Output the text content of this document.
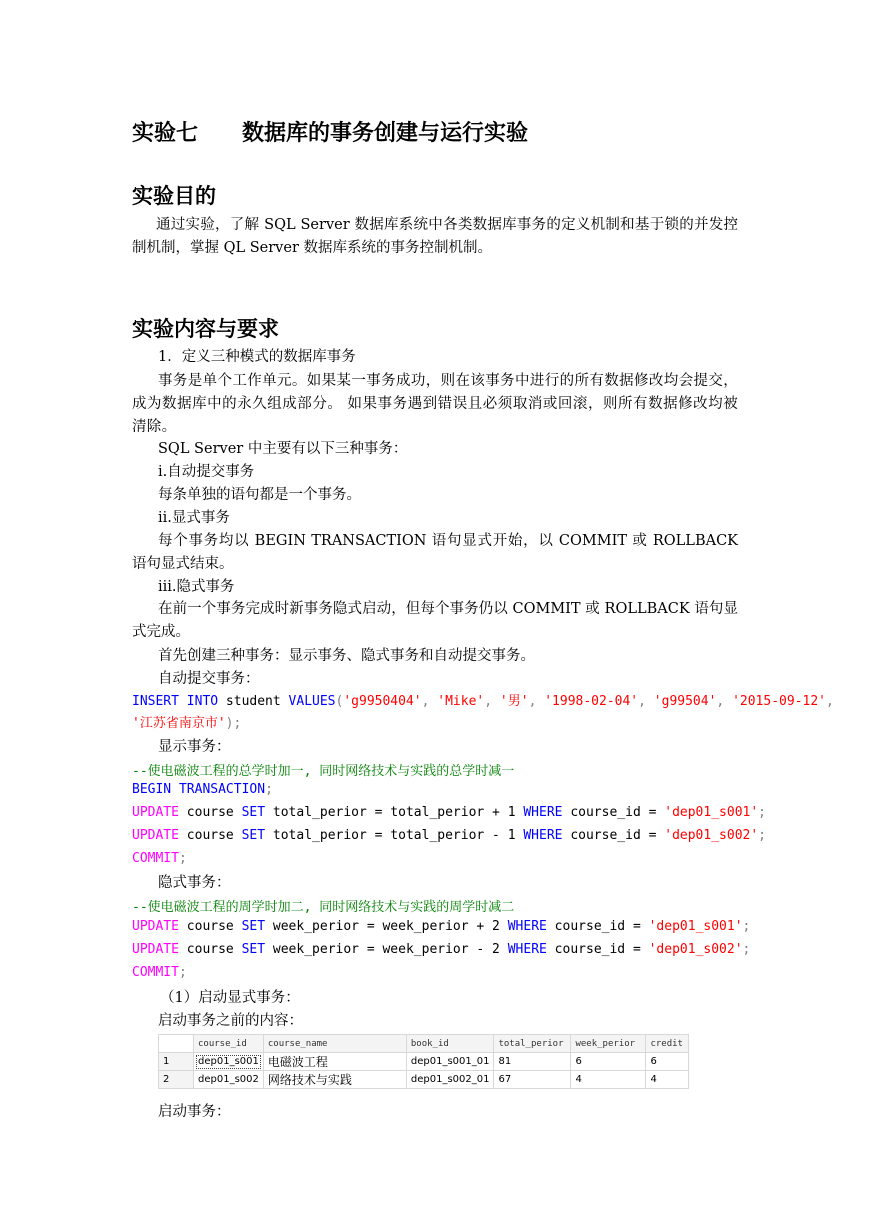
实验七　　数据库的事务创建与运行实验
实验目的
通过实验，了解 SQL Server 数据库系统中各类数据库事务的定义机制和基于锁的并发控制机制，掌握 QL Server 数据库系统的事务控制机制。
实验内容与要求
1．定义三种模式的数据库事务
事务是单个工作单元。如果某一事务成功，则在该事务中进行的所有数据修改均会提交，成为数据库中的永久组成部分。 如果事务遇到错误且必须取消或回滚，则所有数据修改均被清除。
SQL Server 中主要有以下三种事务：
i.自动提交事务
每条单独的语句都是一个事务。
ii.显式事务
每个事务均以 BEGIN TRANSACTION 语句显式开始，以 COMMIT 或 ROLLBACK 语句显式结束。
iii.隐式事务
在前一个事务完成时新事务隐式启动，但每个事务仍以 COMMIT 或 ROLLBACK 语句显式完成。
首先创建三种事务：显示事务、隐式事务和自动提交事务。
自动提交事务：
INSERT INTO student VALUES('g9950404', 'Mike', '男', '1998-02-04', 'g99504', '2015-09-12',
'江苏省南京市');
显示事务：
--使电磁波工程的总学时加一, 同时网络技术与实践的总学时减一
BEGIN TRANSACTION;
UPDATE course SET total_perior = total_perior + 1 WHERE course_id = 'dep01_s001';
UPDATE course SET total_perior = total_perior - 1 WHERE course_id = 'dep01_s002';
COMMIT;
隐式事务：
--使电磁波工程的周学时加二, 同时网络技术与实践的周学时减二
UPDATE course SET week_perior = week_perior + 2 WHERE course_id = 'dep01_s001';
UPDATE course SET week_perior = week_perior - 2 WHERE course_id = 'dep01_s002';
COMMIT;
（1）启动显式事务：
启动事务之前的内容：
	course_id	course_name	book_id	total_perior	week_perior	credit
1	dep01_s001	电磁波工程	dep01_s001_01	81	6	6
2	dep01_s002	网络技术与实践	dep01_s002_01	67	4	4
启动事务：
